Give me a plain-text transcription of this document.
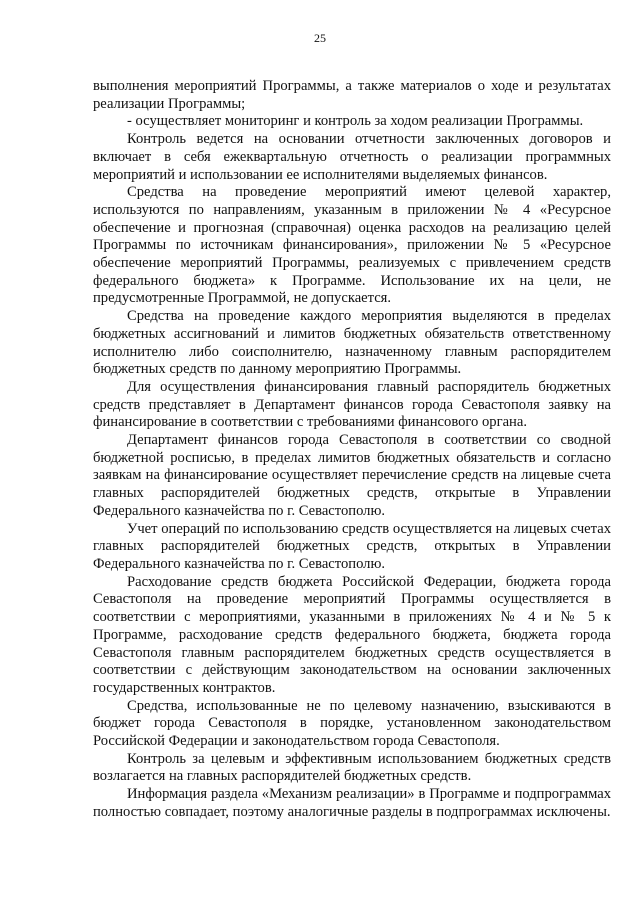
25

выполнения мероприятий Программы, а также материалов о ходе и результатах реализации Программы;

- осуществляет мониторинг и контроль за ходом реализации Программы.

Контроль ведется на основании отчетности заключенных договоров и включает в себя ежеквартальную отчетность о реализации программных мероприятий и использовании ее исполнителями выделяемых финансов.

Средства на проведение мероприятий имеют целевой характер, используются по направлениям, указанным в приложении № 4 «Ресурсное обеспечение и прогнозная (справочная) оценка расходов на реализацию целей Программы по источникам финансирования», приложении № 5 «Ресурсное обеспечение мероприятий Программы, реализуемых с привлечением средств федерального бюджета» к Программе. Использование их на цели, не предусмотренные Программой, не допускается.

Средства на проведение каждого мероприятия выделяются в пределах бюджетных ассигнований и лимитов бюджетных обязательств ответственному исполнителю либо соисполнителю, назначенному главным распорядителем бюджетных средств по данному мероприятию Программы.

Для осуществления финансирования главный распорядитель бюджетных средств представляет в Департамент финансов города Севастополя заявку на финансирование в соответствии с требованиями финансового органа.

Департамент финансов города Севастополя в соответствии со сводной бюджетной росписью, в пределах лимитов бюджетных обязательств и согласно заявкам на финансирование осуществляет перечисление средств на лицевые счета главных распорядителей бюджетных средств, открытые в Управлении Федерального казначейства по г. Севастополю.

Учет операций по использованию средств осуществляется на лицевых счетах главных распорядителей бюджетных средств, открытых в Управлении Федерального казначейства по г. Севастополю.

Расходование средств бюджета Российской Федерации, бюджета города Севастополя на проведение мероприятий Программы осуществляется в соответствии с мероприятиями, указанными в приложениях № 4 и № 5 к Программе, расходование средств федерального бюджета, бюджета города Севастополя главным распорядителем бюджетных средств осуществляется в соответствии с действующим законодательством на основании заключенных государственных контрактов.

Средства, использованные не по целевому назначению, взыскиваются в бюджет города Севастополя в порядке, установленном законодательством Российской Федерации и законодательством города Севастополя.

Контроль за целевым и эффективным использованием бюджетных средств возлагается на главных распорядителей бюджетных средств.

Информация раздела «Механизм реализации» в Программе и подпрограммах полностью совпадает, поэтому аналогичные разделы в подпрограммах исключены.
